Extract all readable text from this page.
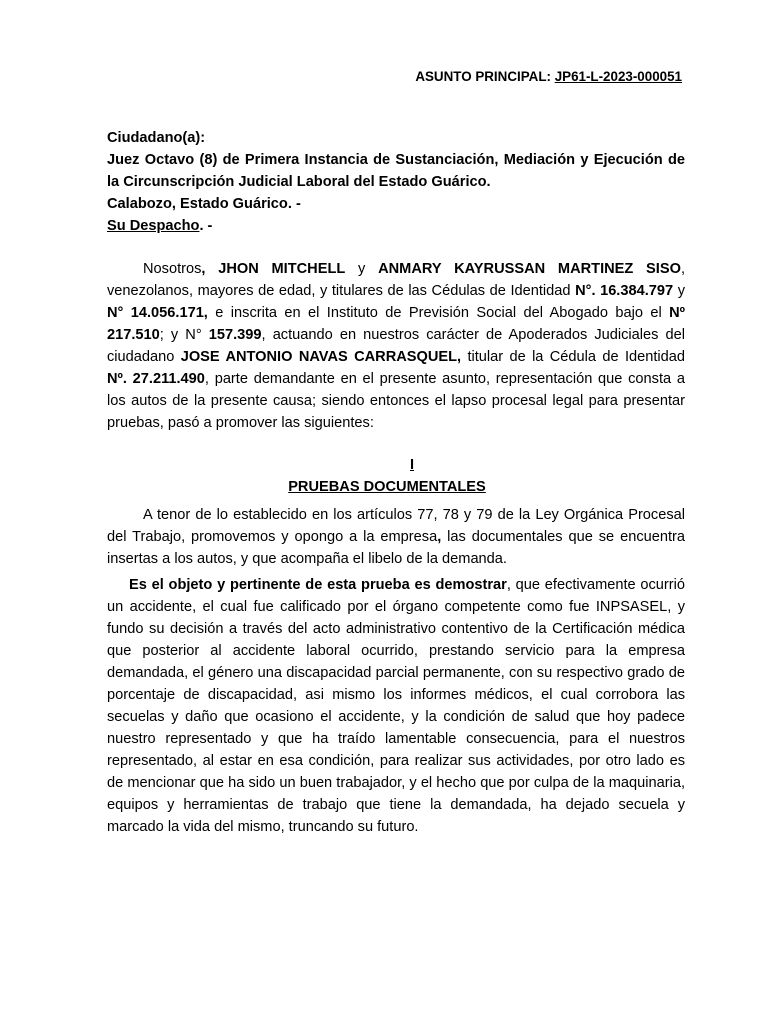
ASUNTO PRINCIPAL: JP61-L-2023-000051
Ciudadano(a):
Juez Octavo (8) de Primera Instancia de Sustanciación, Mediación y Ejecución de la Circunscripción Judicial Laboral del Estado Guárico.
Calabozo, Estado Guárico. -
Su Despacho. -
Nosotros, JHON MITCHELL y ANMARY KAYRUSSAN MARTINEZ SISO, venezolanos, mayores de edad, y titulares de las Cédulas de Identidad N°. 16.384.797 y N° 14.056.171, e inscrita en el Instituto de Previsión Social del Abogado bajo el Nº 217.510; y N° 157.399, actuando en nuestros carácter de Apoderados Judiciales del ciudadano JOSE ANTONIO NAVAS CARRASQUEL, titular de la Cédula de Identidad Nº. 27.211.490, parte demandante en el presente asunto, representación que consta a los autos de la presente causa; siendo entonces el lapso procesal legal para presentar pruebas, pasó a promover las siguientes:
I
PRUEBAS DOCUMENTALES
A tenor de lo establecido en los artículos 77, 78 y 79 de la Ley Orgánica Procesal del Trabajo, promovemos y opongo a la empresa, las documentales que se encuentra insertas a los autos, y que acompaña el libelo de la demanda.
Es el objeto y pertinente de esta prueba es demostrar, que efectivamente ocurrió un accidente, el cual fue calificado por el órgano competente como fue INPSASEL, y fundo su decisión a través del acto administrativo contentivo de la Certificación médica que posterior al accidente laboral ocurrido, prestando servicio para la empresa demandada, el género una discapacidad parcial permanente, con su respectivo grado de porcentaje de discapacidad, asi mismo los informes médicos, el cual corrobora las secuelas y daño que ocasiono el accidente, y la condición de salud que hoy padece nuestro representado y que ha traído lamentable consecuencia, para el nuestros representado, al estar en esa condición, para realizar sus actividades, por otro lado es de mencionar que ha sido un buen trabajador, y el hecho que por culpa de la maquinaria, equipos y herramientas de trabajo que tiene la demandada, ha dejado secuela y marcado la vida del mismo, truncando su futuro.
